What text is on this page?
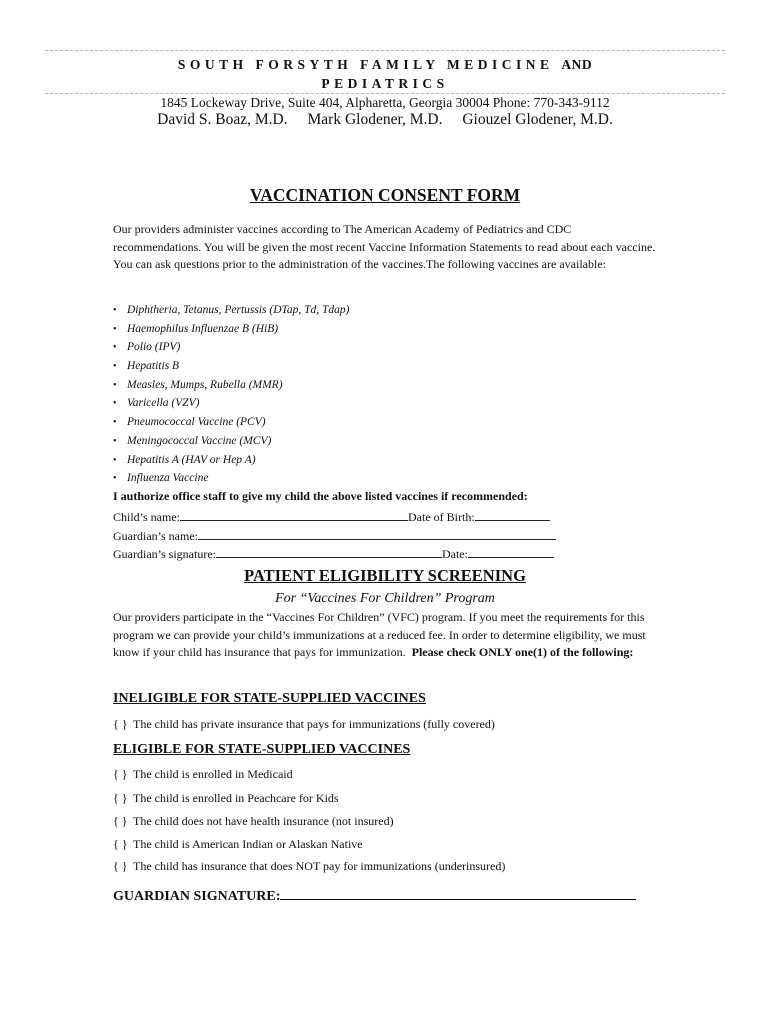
SOUTH FORSYTH FAMILY MEDICINE AND
PEDIATRICS
1845 Lockeway Drive, Suite 404, Alpharetta, Georgia 30004 Phone: 770-343-9112
David S. Boaz, M.D. Mark Glodener, M.D. Giouzel Glodener, M.D.
VACCINATION CONSENT FORM
Our providers administer vaccines according to The American Academy of Pediatrics and CDC recommendations. You will be given the most recent Vaccine Information Statements to read about each vaccine. You can ask questions prior to the administration of the vaccines.The following vaccines are available:
• Diphtheria, Tetanus, Pertussis (DTap, Td, Tdap)
• Haemophilus Influenzae B (HiB)
• Polio (IPV)
• Hepatitis B
• Measles, Mumps, Rubella (MMR)
• Varicella (VZV)
• Pneumococcal Vaccine (PCV)
• Meningococcal Vaccine (MCV)
• Hepatitis A (HAV or Hep A)
• Influenza Vaccine
I authorize office staff to give my child the above listed vaccines if recommended:
Child’s name:	Date of Birth:
Guardian’s name:
Guardian’s signature:	Date:
PATIENT ELIGIBILITY SCREENING
For “Vaccines For Children” Program
Our providers participate in the “Vaccines For Children” (VFC) program. If you meet the requirements for this program we can provide your child’s immunizations at a reduced fee. In order to determine eligibility, we must know if your child has insurance that pays for immunization. Please check ONLY one(1) of the following:
INELIGIBLE FOR STATE-SUPPLIED VACCINES
{ } The child has private insurance that pays for immunizations (fully covered)
ELIGIBLE FOR STATE-SUPPLIED VACCINES
{ } The child is enrolled in Medicaid
{ } The child is enrolled in Peachcare for Kids
{ } The child does not have health insurance (not insured)
{ } The child is American Indian or Alaskan Native
{ } The child has insurance that does NOT pay for immunizations (underinsured)
GUARDIAN SIGNATURE:
